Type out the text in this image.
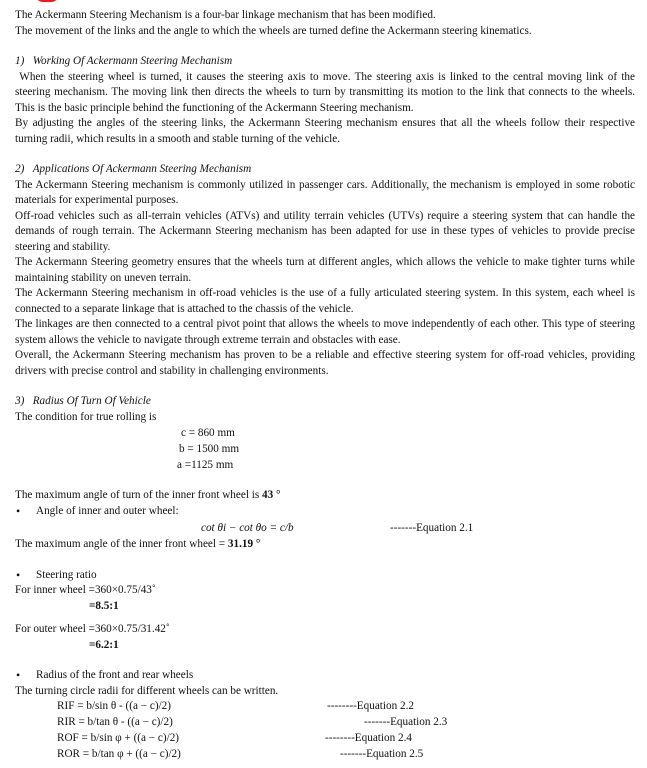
The Ackermann Steering Mechanism is a four-bar linkage mechanism that has been modified.

The movement of the links and the angle to which the wheels are turned define the Ackermann steering kinematics.

1)   Working Of Ackermann Steering Mechanism

When the steering wheel is turned, it causes the steering axis to move. The steering axis is linked to the central moving link of the steering mechanism. The moving link then directs the wheels to turn by transmitting its motion to the link that connects to the wheels. This is the basic principle behind the functioning of the Ackermann Steering mechanism.

By adjusting the angles of the steering links, the Ackermann Steering mechanism ensures that all the wheels follow their respective turning radii, which results in a smooth and stable turning of the vehicle.

2)   Applications Of Ackermann Steering Mechanism

The Ackermann Steering mechanism is commonly utilized in passenger cars. Additionally, the mechanism is employed in some robotic materials for experimental purposes.

Off-road vehicles such as all-terrain vehicles (ATVs) and utility terrain vehicles (UTVs) require a steering system that can handle the demands of rough terrain. The Ackermann Steering mechanism has been adapted for use in these types of vehicles to provide precise steering and stability.

The Ackermann Steering geometry ensures that the wheels turn at different angles, which allows the vehicle to make tighter turns while maintaining stability on uneven terrain.

The Ackermann Steering mechanism in off-road vehicles is the use of a fully articulated steering system. In this system, each wheel is connected to a separate linkage that is attached to the chassis of the vehicle.

The linkages are then connected to a central pivot point that allows the wheels to move independently of each other. This type of steering system allows the vehicle to navigate through extreme terrain and obstacles with ease.

Overall, the Ackermann Steering mechanism has proven to be a reliable and effective steering system for off-road vehicles, providing drivers with precise control and stability in challenging environments.

3)   Radius Of Turn Of Vehicle

The condition for true rolling is

c = 860 mm
b = 1500 mm
a =1125 mm

The maximum angle of turn of the inner front wheel is 43 °

• Angle of inner and outer wheel:
cot θi − cot θo = c/b	-------Equation 2.1

The maximum angle of the inner front wheel = 31.19 °

• Steering ratio

For inner wheel =360×0.75/43˚

=8.5:1

For outer wheel =360×0.75/31.42˚

=6.2:1

• Radius of the front and rear wheels

The turning circle radii for different wheels can be written.

RIF = b/sin θ - ((a − c)/2)	--------Equation 2.2
RIR = b/tan θ - ((a − c)/2)	-------Equation 2.3
ROF = b/sin φ + ((a − c)/2)	--------Equation 2.4
ROR = b/tan φ + ((a − c)/2)	-------Equation 2.5
